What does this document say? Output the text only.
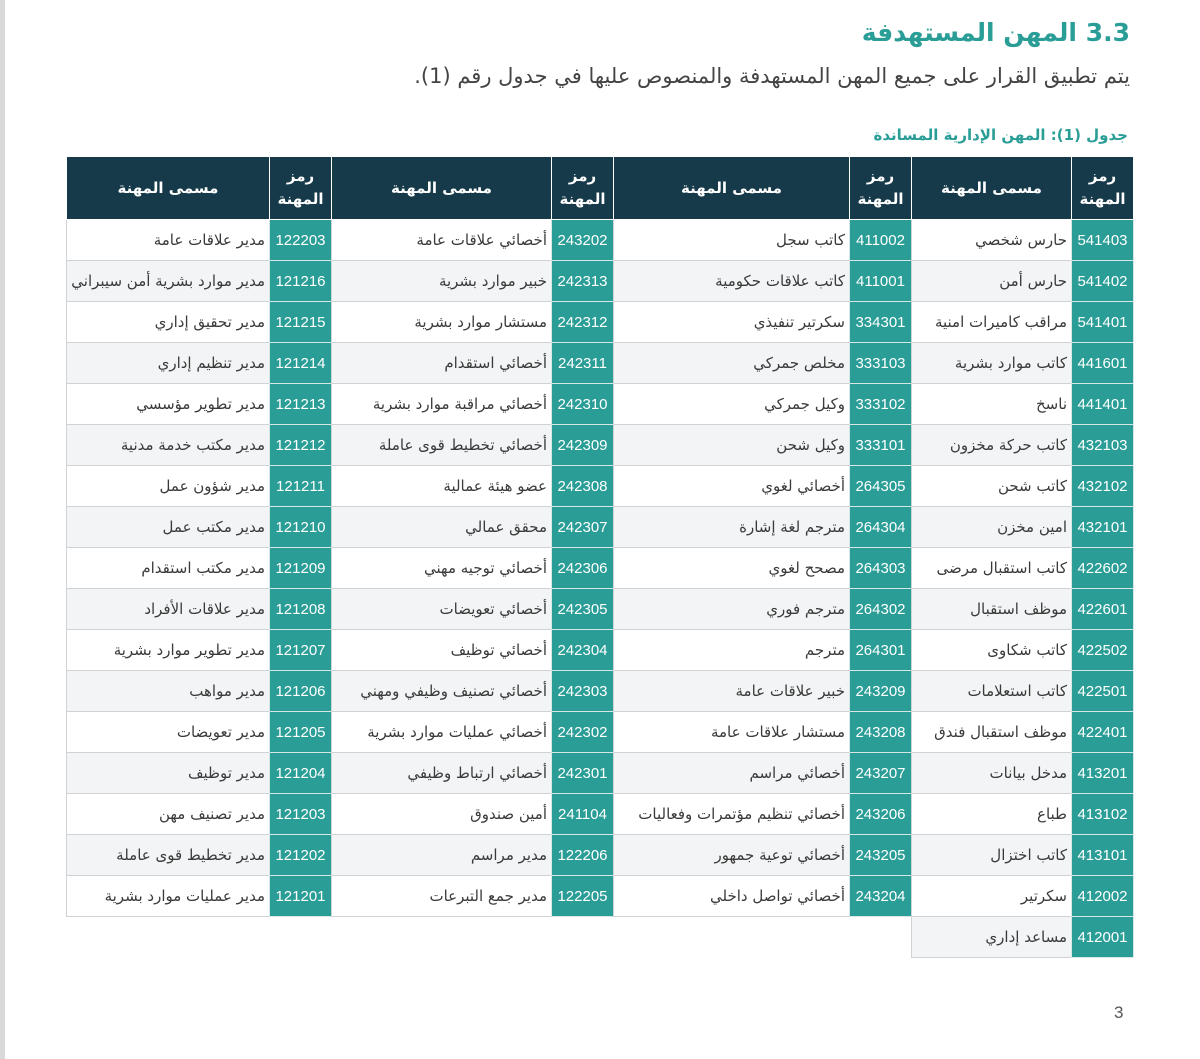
3.3 المهن المستهدفة
يتم تطبيق القرار على جميع المهن المستهدفة والمنصوص عليها في جدول رقم (1).
جدول (1): المهن الإدارية المساندة
رمز المهنة	مسمى المهنة	رمز المهنة	مسمى المهنة	رمز المهنة	مسمى المهنة	رمز المهنة	مسمى المهنة
541403	حارس شخصي	411002	كاتب سجل	243202	أخصائي علاقات عامة	122203	مدير علاقات عامة
541402	حارس أمن	411001	كاتب علاقات حكومية	242313	خبير موارد بشرية	121216	مدير موارد بشرية أمن سيبراني
541401	مراقب كاميرات امنية	334301	سكرتير تنفيذي	242312	مستشار موارد بشرية	121215	مدير تحقيق إداري
441601	كاتب موارد بشرية	333103	مخلص جمركي	242311	أخصائي استقدام	121214	مدير تنظيم إداري
441401	ناسخ	333102	وكيل جمركي	242310	أخصائي مراقبة موارد بشرية	121213	مدير تطوير مؤسسي
432103	كاتب حركة مخزون	333101	وكيل شحن	242309	أخصائي تخطيط قوى عاملة	121212	مدير مكتب خدمة مدنية
432102	كاتب شحن	264305	أخصائي لغوي	242308	عضو هيئة عمالية	121211	مدير شؤون عمل
432101	امين مخزن	264304	مترجم لغة إشارة	242307	محقق عمالي	121210	مدير مكتب عمل
422602	كاتب استقبال مرضى	264303	مصحح لغوي	242306	أخصائي توجيه مهني	121209	مدير مكتب استقدام
422601	موظف استقبال	264302	مترجم فوري	242305	أخصائي تعويضات	121208	مدير علاقات الأفراد
422502	كاتب شكاوى	264301	مترجم	242304	أخصائي توظيف	121207	مدير تطوير موارد بشرية
422501	كاتب استعلامات	243209	خبير علاقات عامة	242303	أخصائي تصنيف وظيفي ومهني	121206	مدير مواهب
422401	موظف استقبال فندق	243208	مستشار علاقات عامة	242302	أخصائي عمليات موارد بشرية	121205	مدير تعويضات
413201	مدخل بيانات	243207	أخصائي مراسم	242301	أخصائي ارتباط وظيفي	121204	مدير توظيف
413102	طباع	243206	أخصائي تنظيم مؤتمرات وفعاليات	241104	أمين صندوق	121203	مدير تصنيف مهن
413101	كاتب اختزال	243205	أخصائي توعية جمهور	122206	مدير مراسم	121202	مدير تخطيط قوى عاملة
412002	سكرتير	243204	أخصائي تواصل داخلي	122205	مدير جمع التبرعات	121201	مدير عمليات موارد بشرية
412001	مساعد إداري						
3
